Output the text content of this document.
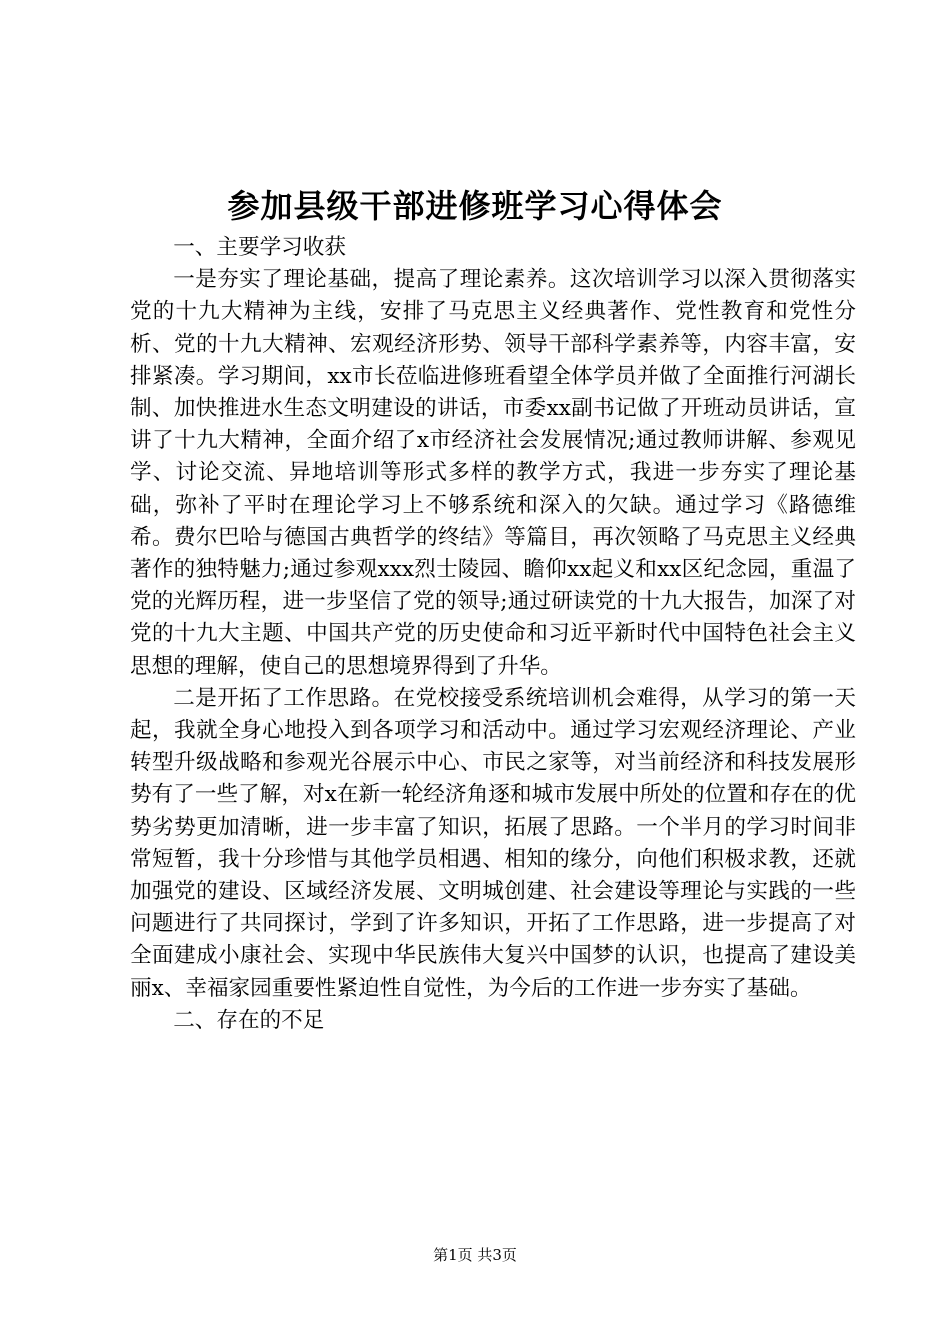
参加县级干部进修班学习心得体会

一、主要学习收获

一是夯实了理论基础，提高了理论素养。这次培训学习以深入贯彻落实党的十九大精神为主线，安排了马克思主义经典著作、党性教育和党性分析、党的十九大精神、宏观经济形势、领导干部科学素养等，内容丰富，安排紧凑。学习期间，xx市长莅临进修班看望全体学员并做了全面推行河湖长制、加快推进水生态文明建设的讲话，市委xx副书记做了开班动员讲话，宣讲了十九大精神，全面介绍了x市经济社会发展情况;通过教师讲解、参观见学、讨论交流、异地培训等形式多样的教学方式，我进一步夯实了理论基础，弥补了平时在理论学习上不够系统和深入的欠缺。通过学习《路德维希。费尔巴哈与德国古典哲学的终结》等篇目，再次领略了马克思主义经典著作的独特魅力;通过参观xxx烈士陵园、瞻仰xx起义和xx区纪念园，重温了党的光辉历程，进一步坚信了党的领导;通过研读党的十九大报告，加深了对党的十九大主题、中国共产党的历史使命和习近平新时代中国特色社会主义思想的理解，使自己的思想境界得到了升华。

二是开拓了工作思路。在党校接受系统培训机会难得，从学习的第一天起，我就全身心地投入到各项学习和活动中。通过学习宏观经济理论、产业转型升级战略和参观光谷展示中心、市民之家等，对当前经济和科技发展形势有了一些了解，对x在新一轮经济角逐和城市发展中所处的位置和存在的优势劣势更加清晰，进一步丰富了知识，拓展了思路。一个半月的学习时间非常短暂，我十分珍惜与其他学员相遇、相知的缘分，向他们积极求教，还就加强党的建设、区域经济发展、文明城创建、社会建设等理论与实践的一些问题进行了共同探讨，学到了许多知识，开拓了工作思路，进一步提高了对全面建成小康社会、实现中华民族伟大复兴中国梦的认识，也提高了建设美丽x、幸福家园重要性紧迫性自觉性，为今后的工作进一步夯实了基础。

二、存在的不足

第1页 共3页
